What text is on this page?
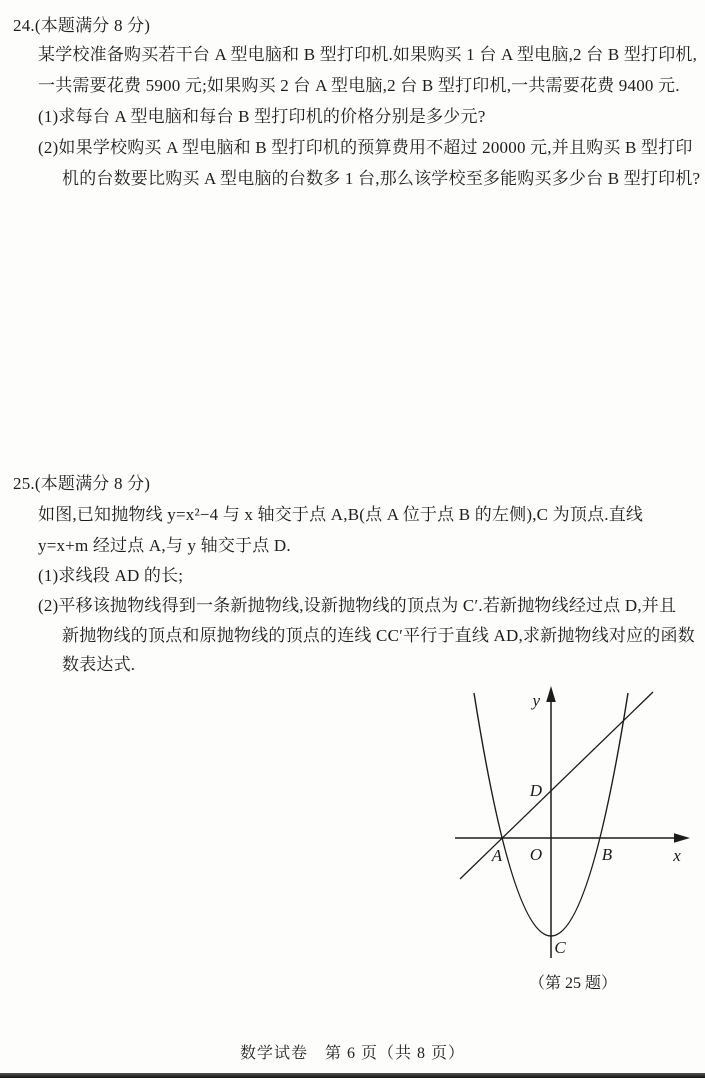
24.(本题满分 8 分)

某学校准备购买若干台 A 型电脑和 B 型打印机.如果购买 1 台 A 型电脑,2 台 B 型打印机,

一共需要花费 5900 元;如果购买 2 台 A 型电脑,2 台 B 型打印机,一共需要花费 9400 元.

(1)求每台 A 型电脑和每台 B 型打印机的价格分别是多少元?

(2)如果学校购买 A 型电脑和 B 型打印机的预算费用不超过 20000 元,并且购买 B 型打印

机的台数要比购买 A 型电脑的台数多 1 台,那么该学校至多能购买多少台 B 型打印机?

25.(本题满分 8 分)

如图,已知抛物线 y=x²−4 与 x 轴交于点 A,B(点 A 位于点 B 的左侧),C 为顶点.直线

y=x+m 经过点 A,与 y 轴交于点 D.

(1)求线段 AD 的长;

(2)平移该抛物线得到一条新抛物线,设新抛物线的顶点为 C′.若新抛物线经过点 D,并且

新抛物线的顶点和原抛物线的顶点的连线 CC′平行于直线 AD,求新抛物线对应的函数

数表达式.

y
x
O
A	B
C
D
（第 25 题）
数学试卷　第 6 页（共 8 页）
